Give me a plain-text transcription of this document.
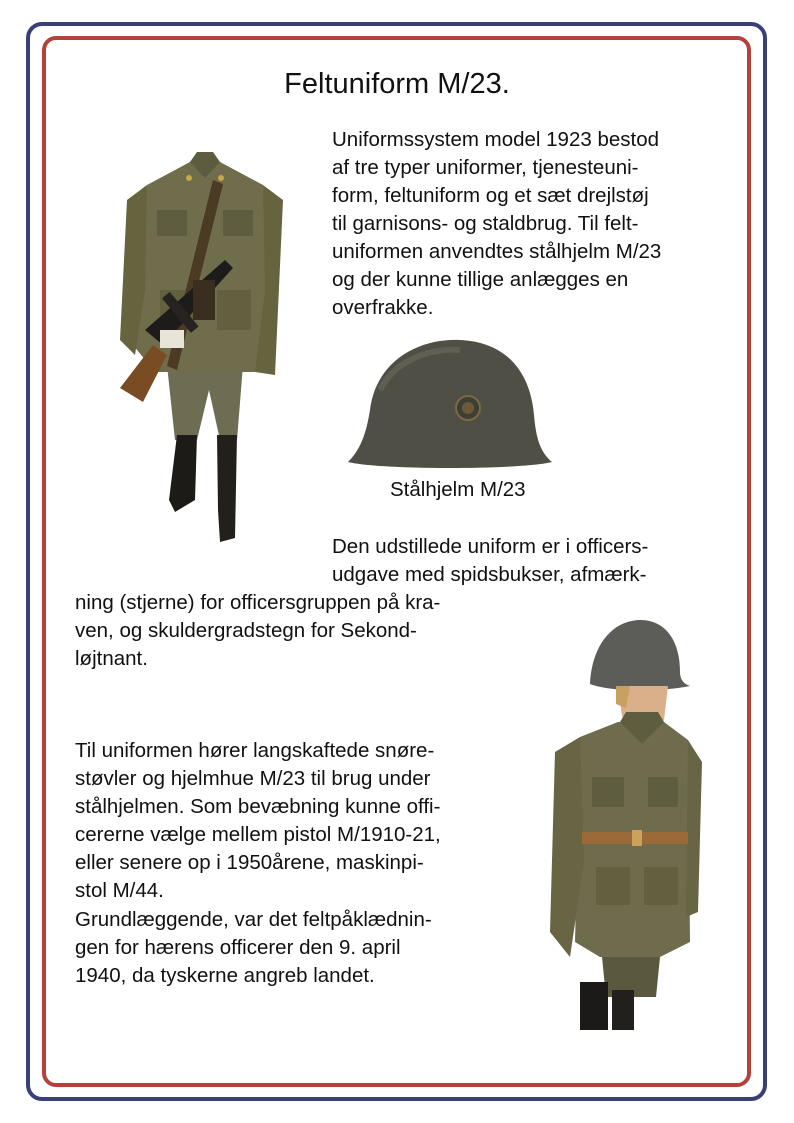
Feltuniform M/23.

Uniformssystem model 1923 bestod
af tre typer uniformer, tjenesteuni-
form, feltuniform og et sæt drejlstøj
til garnisons- og staldbrug. Til felt-
uniformen anvendtes stålhjelm M/23
og der kunne tillige anlægges en
overfrakke.

Stålhjelm M/23

Den udstillede uniform er i officers-
udgave med spidsbukser, afmærk-

ning (stjerne) for officersgruppen på kra-
ven, og skuldergradstegn for Sekond-
løjtnant.

Til uniformen hører langskaftede snøre-
støvler og hjelmhue M/23 til brug under
stålhjelmen. Som bevæbning kunne offi-
cererne vælge mellem pistol M/1910-21,
eller senere op i 1950årene, maskinpi-
stol M/44.

Grundlæggende, var det feltpåklædnin-
gen for hærens officerer den 9. april
1940, da tyskerne angreb landet.
